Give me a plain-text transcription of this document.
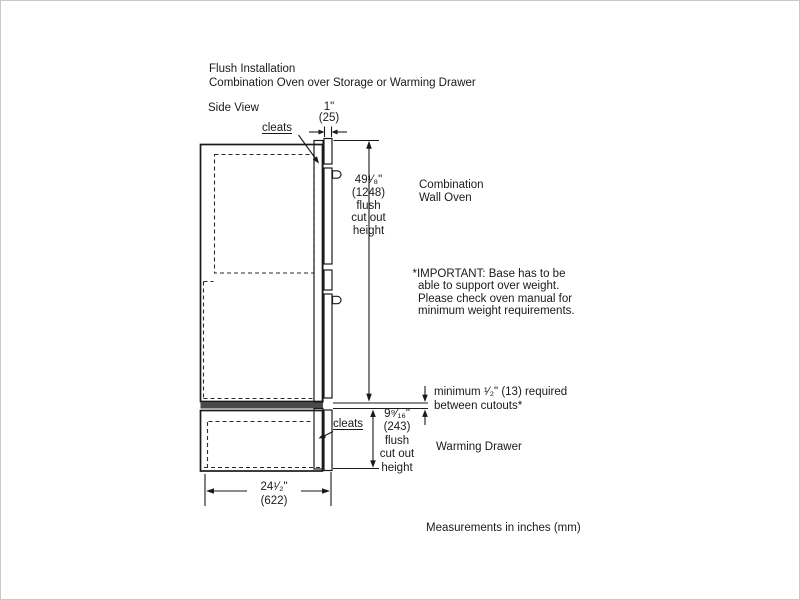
Flush Installation
Combination Oven over Storage or Warming Drawer
Side View
cleats
cleats
1"
(25)
49¹⁄₈"
(1248)
flush
cut out
height
Combination
Wall Oven
*IMPORTANT: Base has to be
able to support over weight.
Please check oven manual for
minimum weight requirements.
minimum ¹⁄₂" (13) required
between cutouts*
9⁹⁄₁₆"
(243)
flush
cut out
height
Warming Drawer
24¹⁄₂"
(622)
Measurements in inches (mm)
